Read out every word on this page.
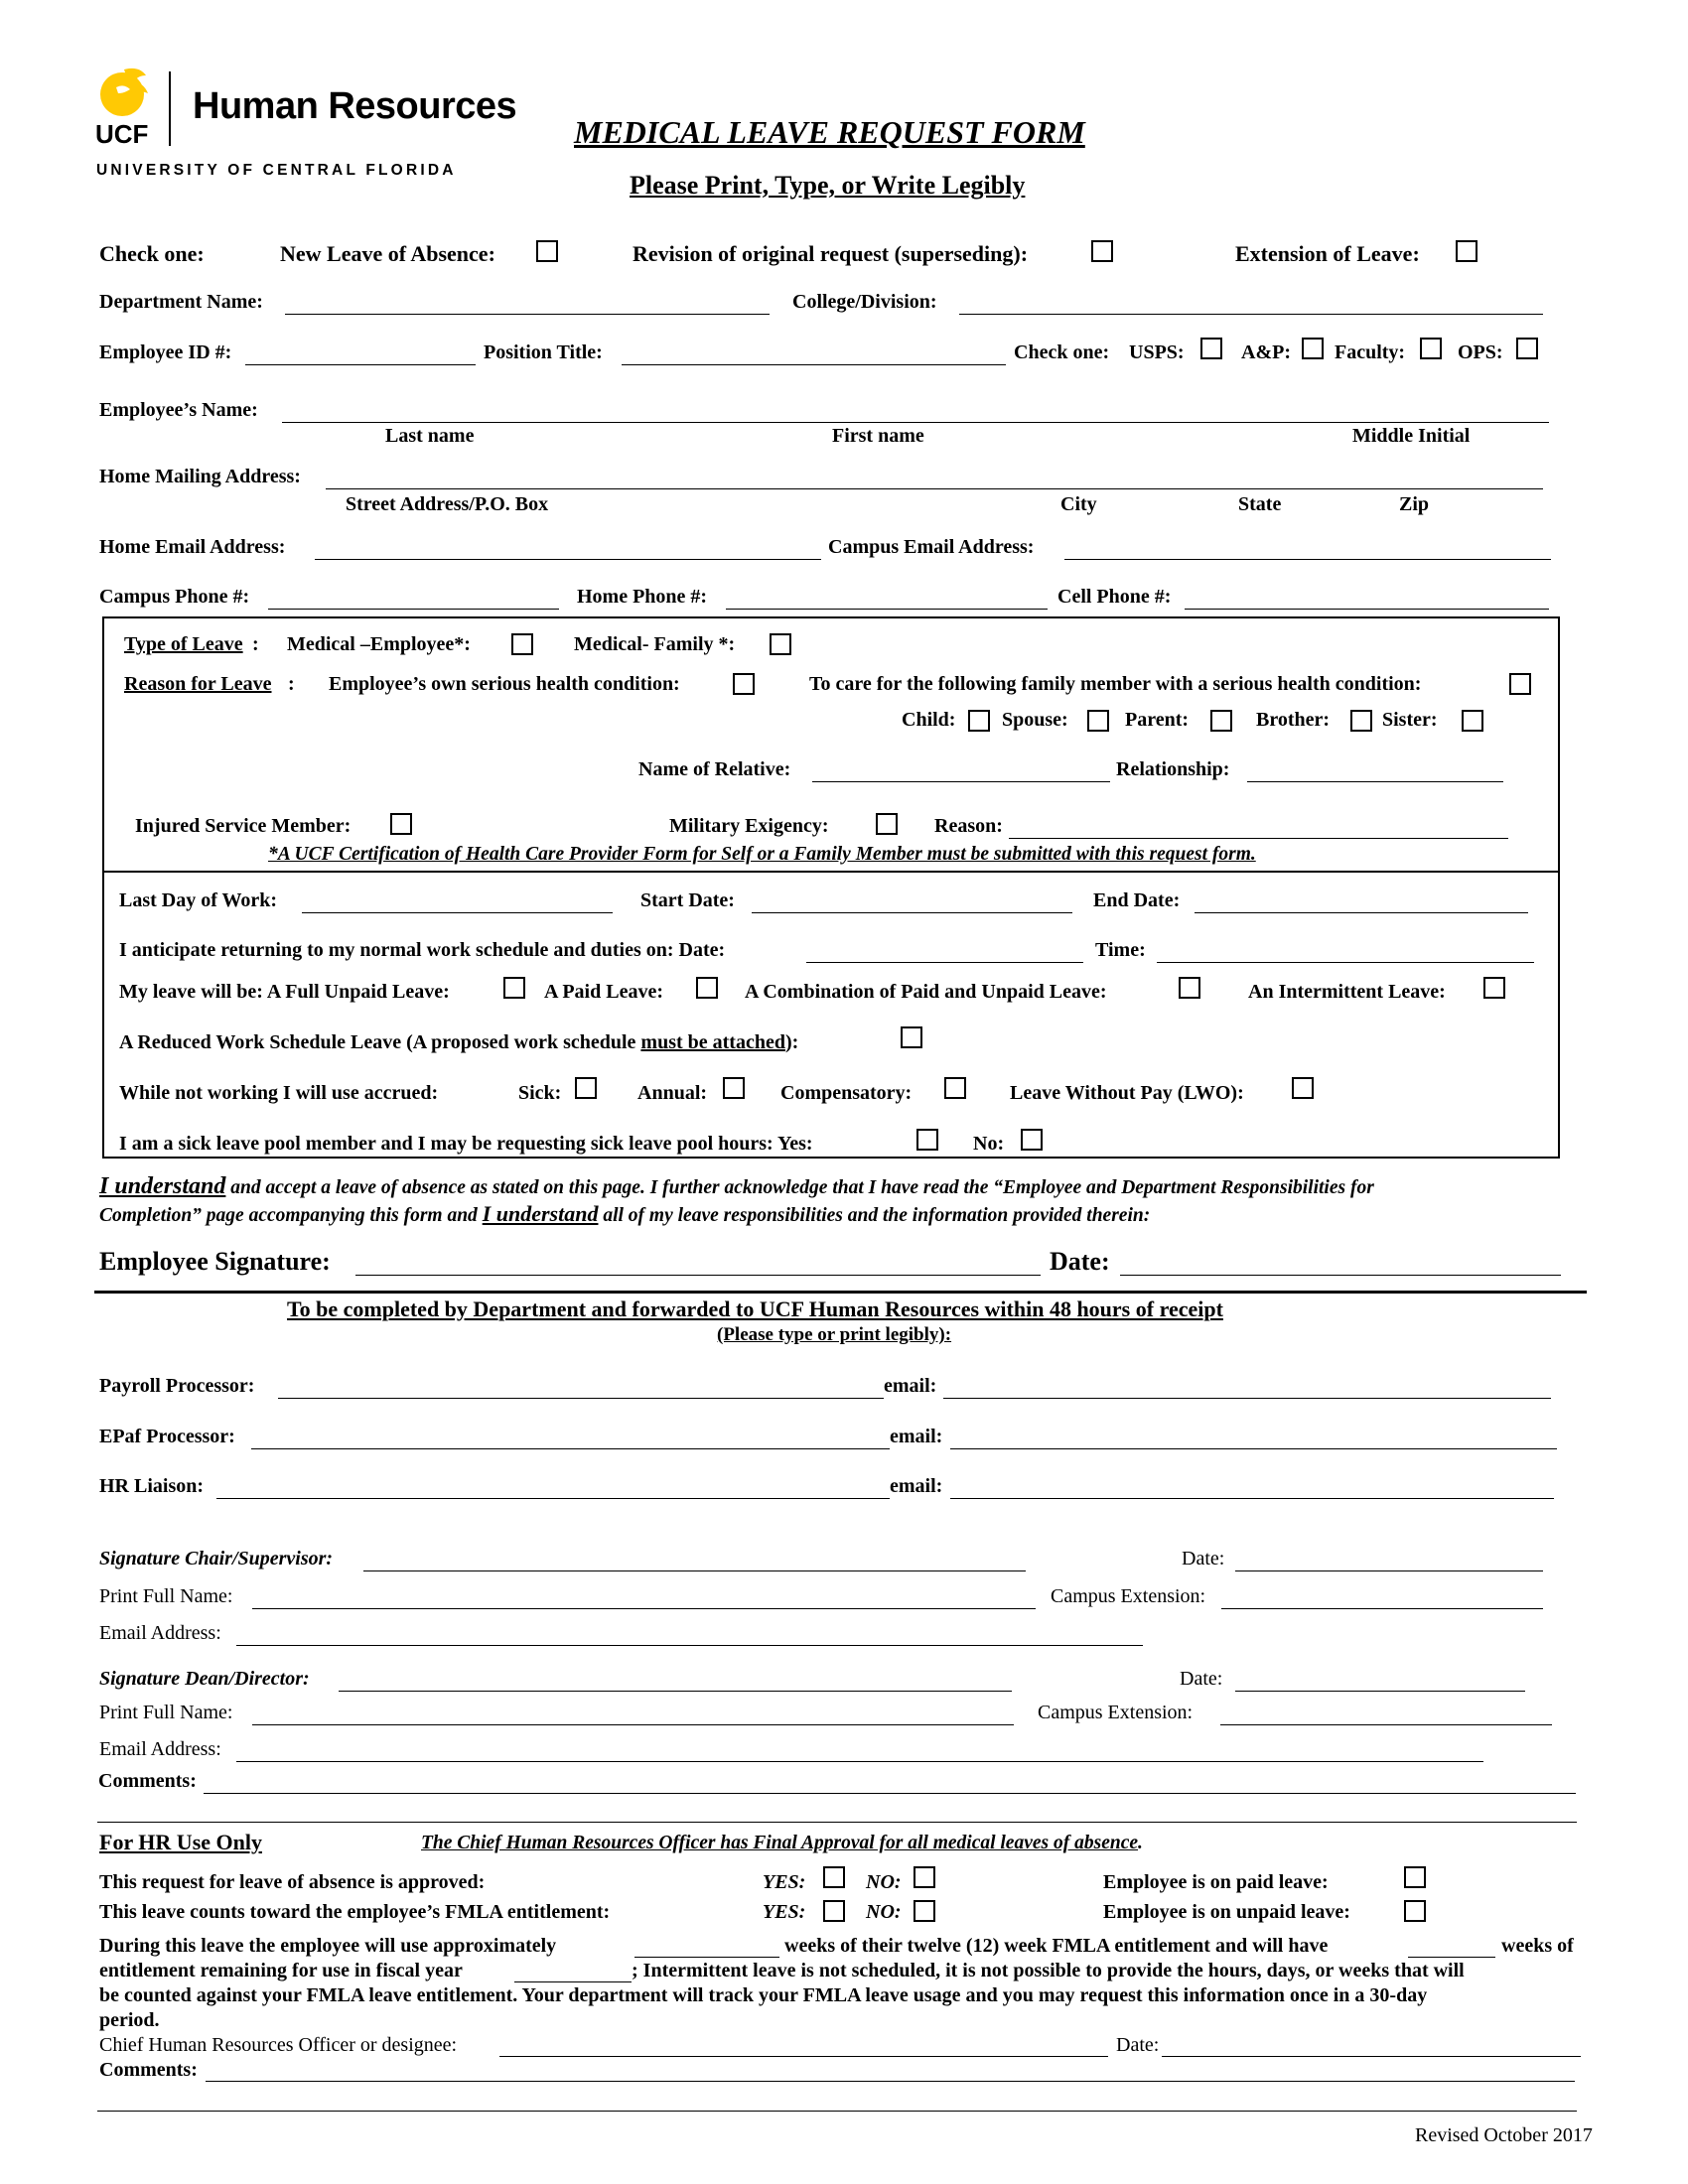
UCF
Human Resources
UNIVERSITY OF CENTRAL FLORIDA
MEDICAL LEAVE REQUEST FORM
Please Print, Type, or Write Legibly
Check one:	New Leave of Absence:	Revision of original request (superseding):	Extension of Leave:
Department Name:	College/Division:
Employee ID #:	Position Title:	Check one: USPS:	A&P: Faculty:	OPS:
Employee’s Name:
Last name	First name	Middle Initial
Home Mailing Address:
Street Address/P.O. Box	City	State	Zip
Home Email Address:	Campus Email Address:
Campus Phone #:	Home Phone #:	Cell Phone #:
Type of Leave : Medical –Employee*:	Medical- Family *:
Reason for Leave : Employee’s own serious health condition:	To care for the following family member with a serious health condition:
Child: Spouse:	Parent:	Brother:	Sister:
Name of Relative:	Relationship:
Injured Service Member:	Military Exigency:	Reason:
*A UCF Certification of Health Care Provider Form for Self or a Family Member must be submitted with this request form.
Last Day of Work:	Start Date:	End Date:
I anticipate returning to my normal work schedule and duties on: Date:	Time:
My leave will be: A Full Unpaid Leave:	A Paid Leave:	A Combination of Paid and Unpaid Leave:	An Intermittent Leave:
A Reduced Work Schedule Leave (A proposed work schedule must be attached):
While not working I will use accrued:	Sick:	Annual:	Compensatory:	Leave Without Pay (LWO):
I am a sick leave pool member and I may be requesting sick leave pool hours: Yes:	No:
I understand and accept a leave of absence as stated on this page. I further acknowledge that I have read the “Employee and Department Responsibilities for
Completion” page accompanying this form and I understand all of my leave responsibilities and the information provided therein:
Employee Signature:	Date:
To be completed by Department and forwarded to UCF Human Resources within 48 hours of receipt
(Please type or print legibly):
Payroll Processor:	email:
EPaf Processor:	email:
HR Liaison:	email:
Signature Chair/Supervisor:	Date:
Print Full Name:	Campus Extension:
Email Address:
Signature Dean/Director:	Date:
Print Full Name:	Campus Extension:
Email Address:
Comments:
For HR Use Only	The Chief Human Resources Officer has Final Approval for all medical leaves of absence.
This request for leave of absence is approved:	YES:	NO:	Employee is on paid leave:
This leave counts toward the employee’s FMLA entitlement:	YES:	NO:	Employee is on unpaid leave:
During this leave the employee will use approximately	weeks of their twelve (12) week FMLA entitlement and will have	weeks of
entitlement remaining for use in fiscal year	; Intermittent leave is not scheduled, it is not possible to provide the hours, days, or weeks that will
be counted against your FMLA leave entitlement. Your department will track your FMLA leave usage and you may request this information once in a 30-day
period.
Chief Human Resources Officer or designee:	Date:
Comments:
Revised October 2017
